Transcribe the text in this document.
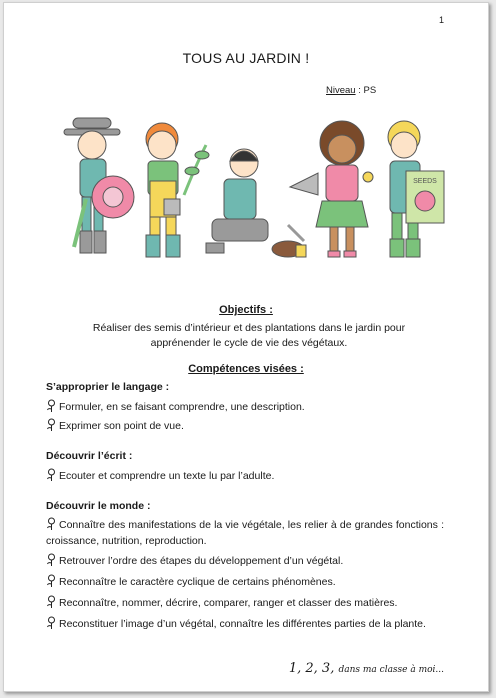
1
TOUS AU JARDIN !
Niveau : PS
SEEDS
Objectifs :
Réaliser des semis d’intérieur et des plantations dans le jardin pour apprénender le cycle de vie des végétaux.
Compétences visées :
S’approprier le langage :
Formuler, en se faisant comprendre, une description.
Exprimer son point de vue.
Découvrir l’écrit :
Ecouter et comprendre un texte lu par l’adulte.
Découvrir le monde :
Connaître des manifestations de la vie végétale, les relier à de grandes fonctions : croissance, nutrition, reproduction.
Retrouver l’ordre des étapes du développement d’un végétal.
Reconnaître le caractère cyclique de certains phénomènes.
Reconnaître, nommer, décrire, comparer, ranger et classer des matières.
Reconstituer l’image d’un végétal, connaître les différentes parties de la plante.
1, 2, 3, dans ma classe à moi...
